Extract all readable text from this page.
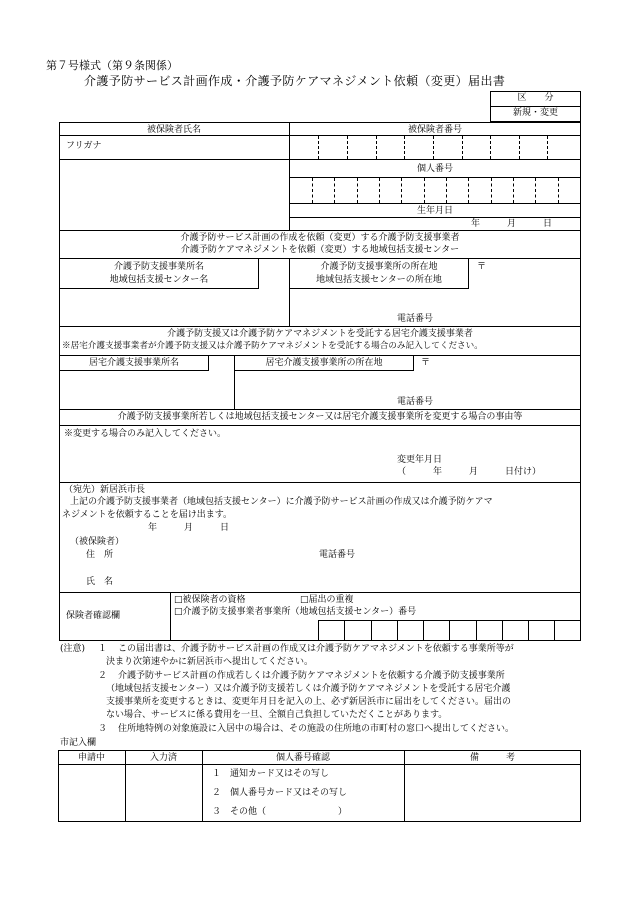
第７号様式（第９条関係）
介護予防サービス計画作成・介護予防ケアマネジメント依頼（変更）届出書
区　　分
新規・変更
被保険者氏名	被保険者番号
フリガナ
個人番号
生年月日
年　　　月　　　日
介護予防サービス計画の作成を依頼（変更）する介護予防支援事業者
介護予防ケアマネジメントを依頼（変更）する地域包括支援センター
介護予防支援事業所名
地域包括支援センター名
介護予防支援事業所の所在地
地域包括支援センターの所在地
〒
電話番号
介護予防支援又は介護予防ケアマネジメントを受託する居宅介護支援事業者
※居宅介護支援事業者が介護予防支援又は介護予防ケアマネジメントを受託する場合のみ記入してください。
居宅介護支援事業所名	居宅介護支援事業所の所在地	〒
電話番号
介護予防支援事業所若しくは地域包括支援センター又は居宅介護支援事業所を変更する場合の事由等
※変更する場合のみ記入してください。
変更年月日
（　　　年　　　月　　　日付け）
（宛先）新居浜市長
上記の介護予防支援事業者（地域包括支援センター）に介護予防サービス計画の作成又は介護予防ケアマ
ネジメントを依頼することを届け出ます。
年　　　月　　　日
（被保険者）
住　所	電話番号
氏　名
保険者確認欄
□被保険者の資格	□届出の重複
□介護予防支援事業者事業所（地域包括支援センター）番号
(注意) １ この届出書は、介護予防サービス計画の作成又は介護予防ケアマネジメントを依頼する事業所等が
決まり次第速やかに新居浜市へ提出してください。
２ 介護予防サービス計画の作成若しくは介護予防ケアマネジメントを依頼する介護予防支援事業所
（地域包括支援センター）又は介護予防支援若しくは介護予防ケアマネジメントを受託する居宅介護
支援事業所を変更するときは、変更年月日を記入の上、必ず新居浜市に届出をしてください。届出の
ない場合、サービスに係る費用を一旦、全額自己負担していただくことがあります。
３ 住所地特例の対象施設に入居中の場合は、その施設の住所地の市町村の窓口へ提出してください。
市記入欄
申請中	入力済	個人番号確認	備　　　考
１　通知カード又はその写し
２　個人番号カード又はその写し
３　その他（　　　　　　　　）
